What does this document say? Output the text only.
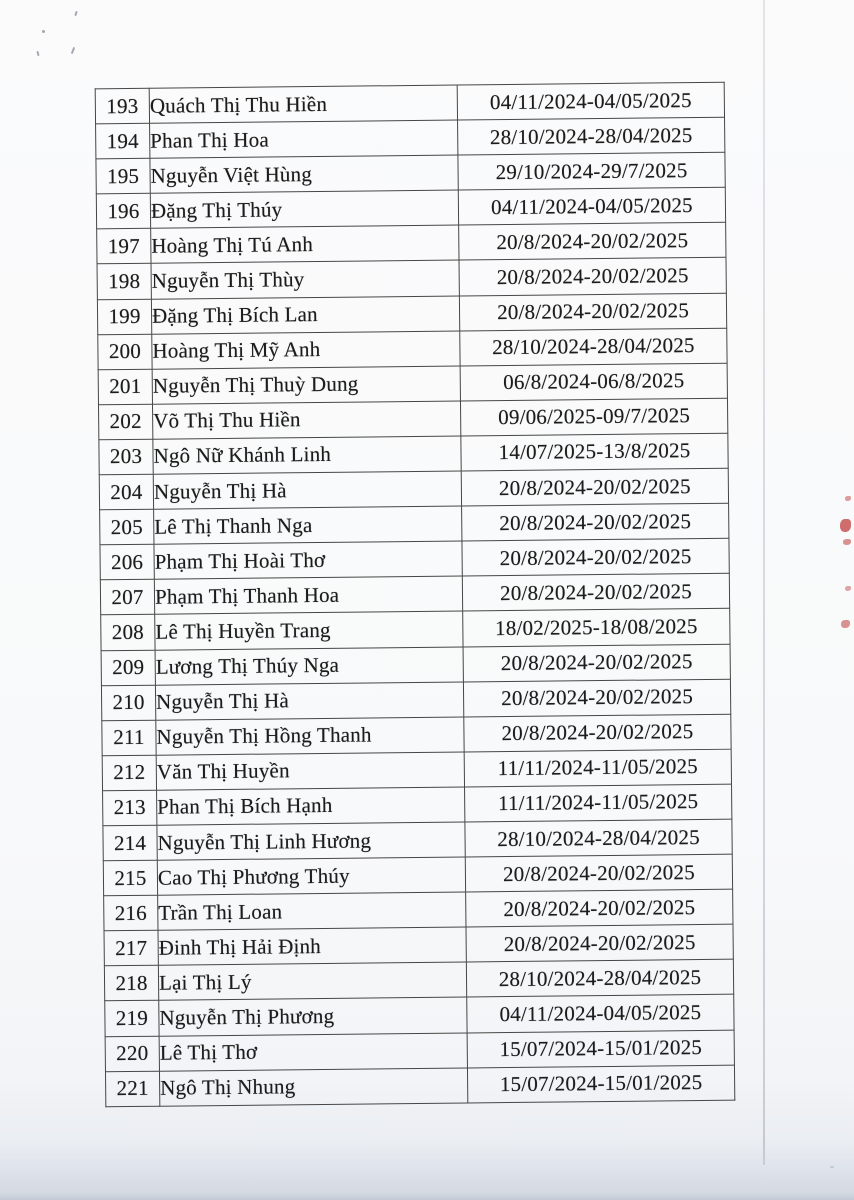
193	Quách Thị Thu Hiền	04/11/2024-04/05/2025
194	Phan Thị Hoa	28/10/2024-28/04/2025
195	Nguyễn Việt Hùng	29/10/2024-29/7/2025
196	Đặng Thị Thúy	04/11/2024-04/05/2025
197	Hoàng Thị Tú Anh	20/8/2024-20/02/2025
198	Nguyễn Thị Thùy	20/8/2024-20/02/2025
199	Đặng Thị Bích Lan	20/8/2024-20/02/2025
200	Hoàng Thị Mỹ Anh	28/10/2024-28/04/2025
201	Nguyễn Thị Thuỳ Dung	06/8/2024-06/8/2025
202	Võ Thị Thu Hiền	09/06/2025-09/7/2025
203	Ngô Nữ Khánh Linh	14/07/2025-13/8/2025
204	Nguyễn Thị Hà	20/8/2024-20/02/2025
205	Lê Thị Thanh Nga	20/8/2024-20/02/2025
206	Phạm Thị Hoài Thơ	20/8/2024-20/02/2025
207	Phạm Thị Thanh Hoa	20/8/2024-20/02/2025
208	Lê Thị Huyền Trang	18/02/2025-18/08/2025
209	Lương Thị Thúy Nga	20/8/2024-20/02/2025
210	Nguyễn Thị Hà	20/8/2024-20/02/2025
211	Nguyễn Thị Hồng Thanh	20/8/2024-20/02/2025
212	Văn Thị Huyền	11/11/2024-11/05/2025
213	Phan Thị Bích Hạnh	11/11/2024-11/05/2025
214	Nguyễn Thị Linh Hương	28/10/2024-28/04/2025
215	Cao Thị Phương Thúy	20/8/2024-20/02/2025
216	Trần Thị Loan	20/8/2024-20/02/2025
217	Đinh Thị Hải Định	20/8/2024-20/02/2025
218	Lại Thị Lý	28/10/2024-28/04/2025
219	Nguyễn Thị Phương	04/11/2024-04/05/2025
220	Lê Thị Thơ	15/07/2024-15/01/2025
221	Ngô Thị Nhung	15/07/2024-15/01/2025
